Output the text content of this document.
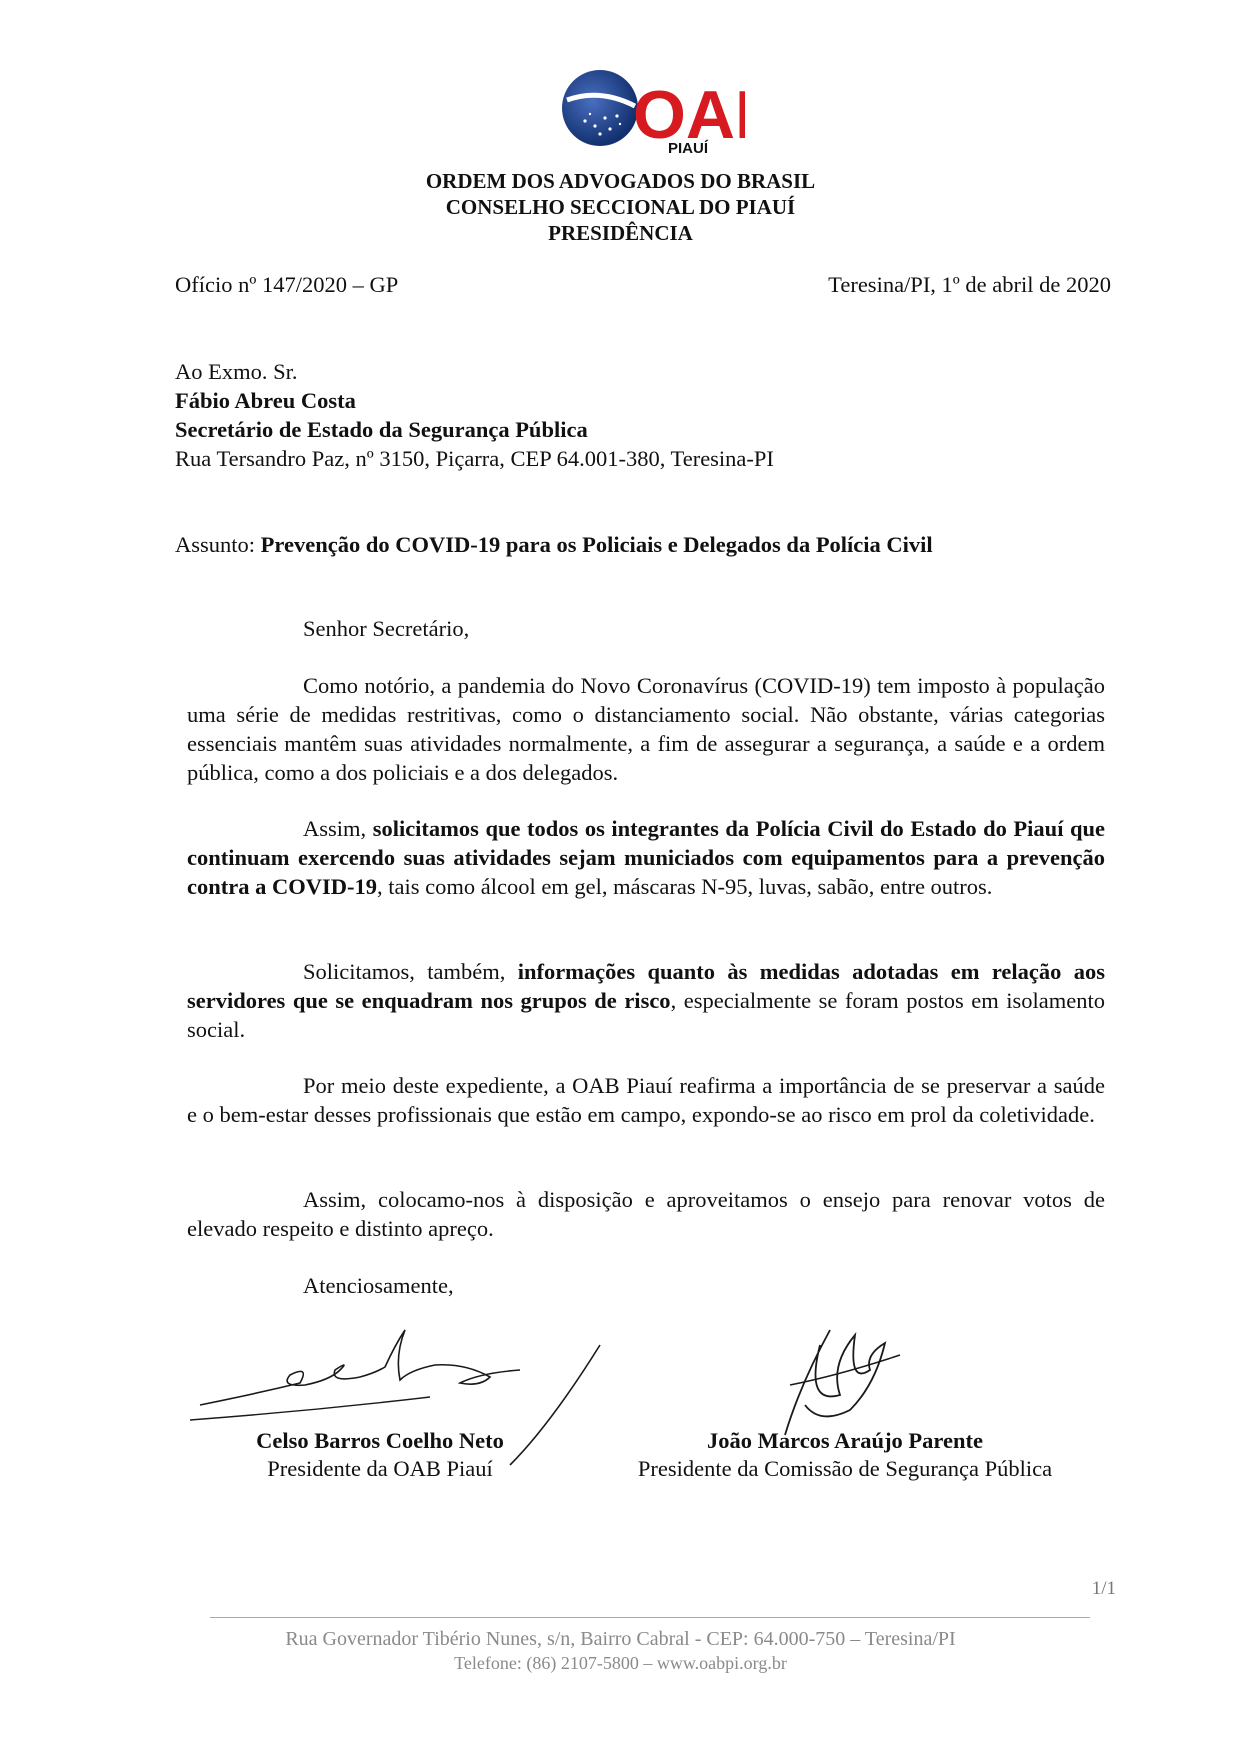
OA
PIAUÍ
ORDEM DOS ADVOGADOS DO BRASIL
CONSELHO SECCIONAL DO PIAUÍ
PRESIDÊNCIA
Ofício nº 147/2020 – GP	Teresina/PI, 1º de abril de 2020
Ao Exmo. Sr.
Fábio Abreu Costa
Secretário de Estado da Segurança Pública
Rua Tersandro Paz, nº 3150, Piçarra, CEP 64.001-380, Teresina-PI
Assunto: Prevenção do COVID-19 para os Policiais e Delegados da Polícia Civil
Senhor Secretário,

Como notório, a pandemia do Novo Coronavírus (COVID-19) tem imposto à população uma série de medidas restritivas, como o distanciamento social. Não obstante, várias categorias essenciais mantêm suas atividades normalmente, a fim de assegurar a segurança, a saúde e a ordem pública, como a dos policiais e a dos delegados.

Assim, solicitamos que todos os integrantes da Polícia Civil do Estado do Piauí que continuam exercendo suas atividades sejam municiados com equipamentos para a prevenção contra a COVID-19, tais como álcool em gel, máscaras N-95, luvas, sabão, entre outros.

Solicitamos, também, informações quanto às medidas adotadas em relação aos servidores que se enquadram nos grupos de risco, especialmente se foram postos em isolamento social.

Por meio deste expediente, a OAB Piauí reafirma a importância de se preservar a saúde e o bem-estar desses profissionais que estão em campo, expondo-se ao risco em prol da coletividade.

Assim, colocamo-nos à disposição e aproveitamos o ensejo para renovar votos de elevado respeito e distinto apreço.

Atenciosamente,
Celso Barros Coelho Neto
Presidente da OAB Piauí
João Marcos Araújo Parente
Presidente da Comissão de Segurança Pública
1/1
Rua Governador Tibério Nunes, s/n, Bairro Cabral - CEP: 64.000-750 – Teresina/PI
Telefone: (86) 2107-5800 – www.oabpi.org.br
